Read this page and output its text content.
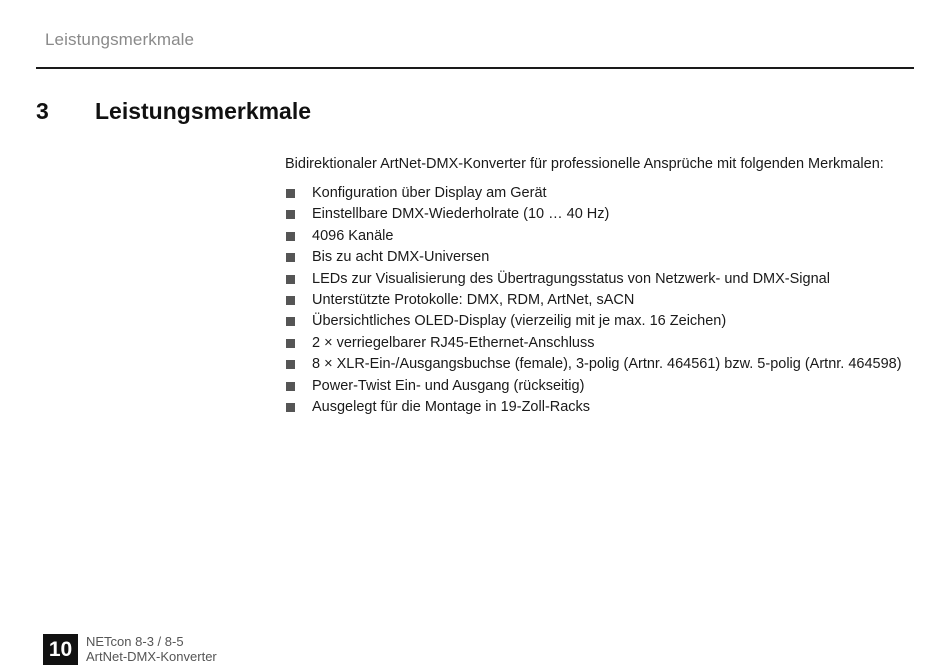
Leistungsmerkmale
3 Leistungsmerkmale

Bidirektionaler ArtNet-DMX-Konverter für professionelle Ansprüche mit folgenden Merkmalen:

Konfiguration über Display am Gerät
Einstellbare DMX-Wiederholrate (10 … 40 Hz)
4096 Kanäle
Bis zu acht DMX-Universen
LEDs zur Visualisierung des Übertragungsstatus von Netzwerk- und DMX-Signal
Unterstützte Protokolle: DMX, RDM, ArtNet, sACN
Übersichtliches OLED-Display (vierzeilig mit je max. 16 Zeichen)
2 × verriegelbarer RJ45-Ethernet-Anschluss
8 × XLR-Ein-/Ausgangsbuchse (female), 3-polig (Artnr. 464561) bzw. 5-polig (Artnr. 464598)
Power-Twist Ein- und Ausgang (rückseitig)
Ausgelegt für die Montage in 19-Zoll-Racks
10	NETcon 8-3 / 8-5
ArtNet-DMX-Konverter
